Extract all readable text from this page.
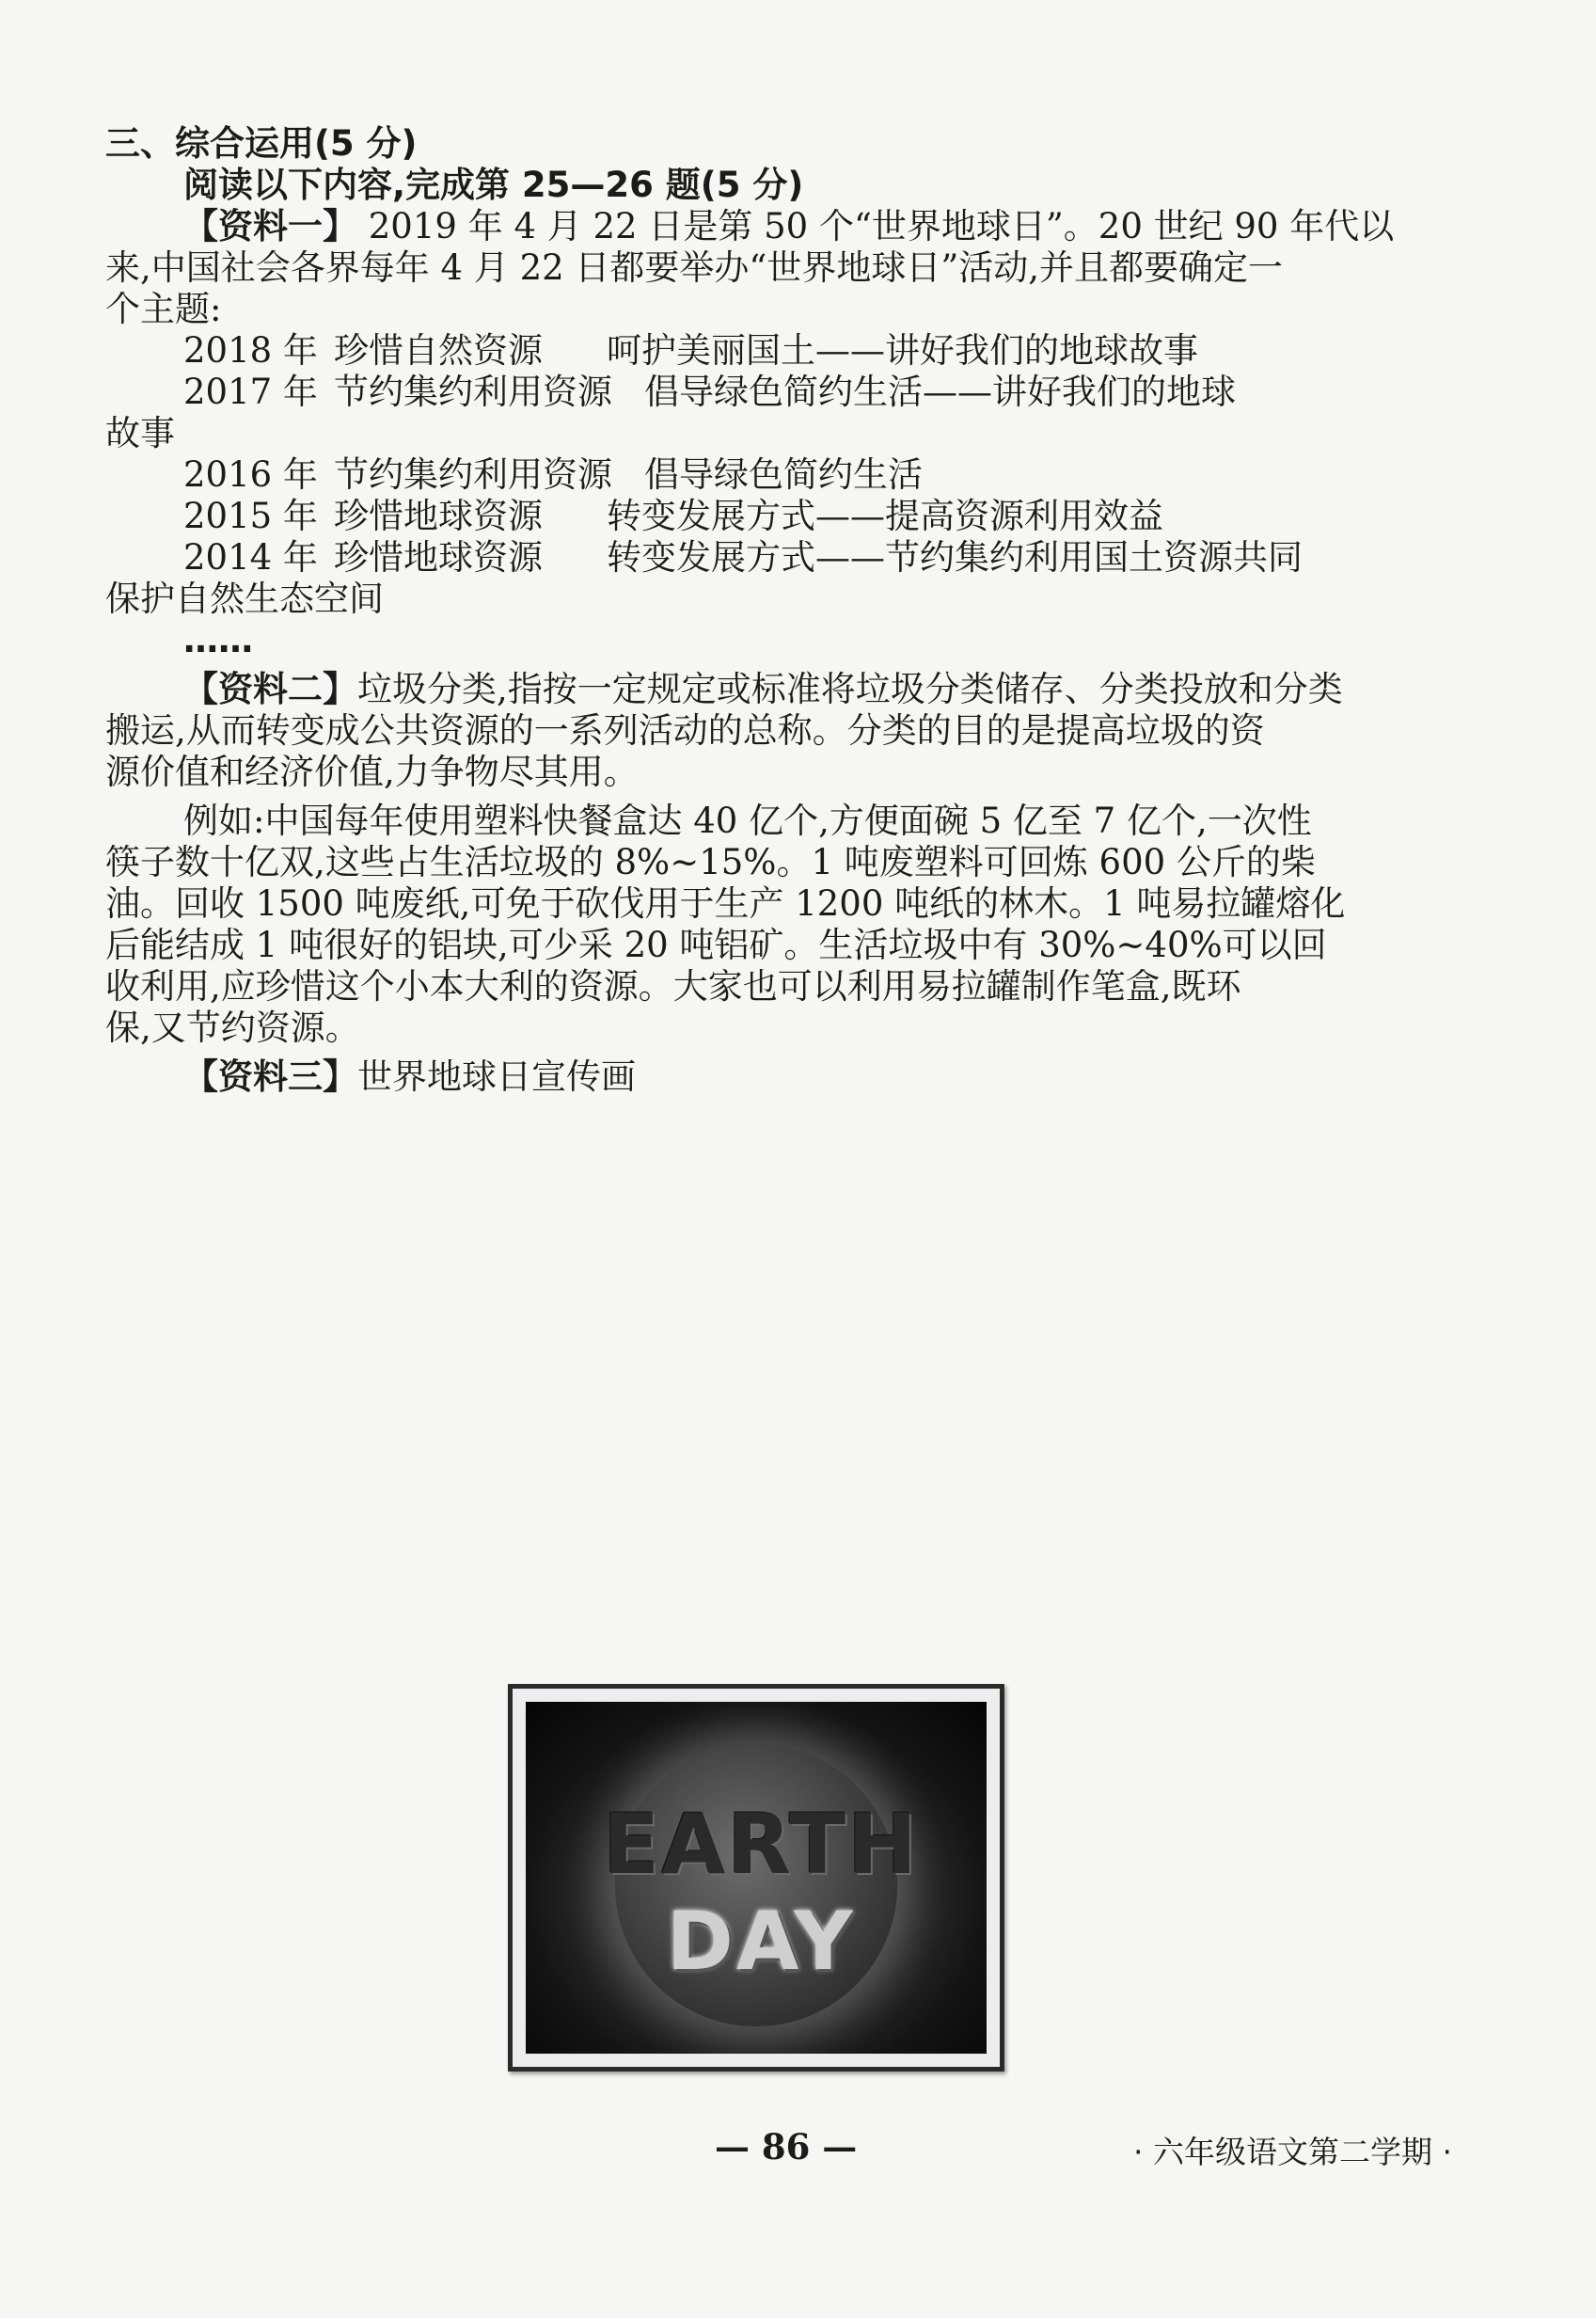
三、综合运用(5 分)
阅读以下内容,完成第 25—26 题(5 分)
【资料一】 2019 年 4 月 22 日是第 50 个“世界地球日”。20 世纪 90 年代以
来,中国社会各界每年 4 月 22 日都要举办“世界地球日”活动,并且都要确定一
个主题:
2018 年 珍惜自然资源 呵护美丽国土——讲好我们的地球故事
2017 年 节约集约利用资源 倡导绿色简约生活——讲好我们的地球
故事
2016 年 节约集约利用资源 倡导绿色简约生活
2015 年 珍惜地球资源 转变发展方式——提高资源利用效益
2014 年 珍惜地球资源 转变发展方式——节约集约利用国土资源共同
保护自然生态空间
……
【资料二】垃圾分类,指按一定规定或标准将垃圾分类储存、分类投放和分类
搬运,从而转变成公共资源的一系列活动的总称。分类的目的是提高垃圾的资
源价值和经济价值,力争物尽其用。
例如:中国每年使用塑料快餐盒达 40 亿个,方便面碗 5 亿至 7 亿个,一次性
筷子数十亿双,这些占生活垃圾的 8%~15%。1 吨废塑料可回炼 600 公斤的柴
油。回收 1500 吨废纸,可免于砍伐用于生产 1200 吨纸的林木。1 吨易拉罐熔化
后能结成 1 吨很好的铝块,可少采 20 吨铝矿。生活垃圾中有 30%~40%可以回
收利用,应珍惜这个小本大利的资源。大家也可以利用易拉罐制作笔盒,既环
保,又节约资源。
【资料三】世界地球日宣传画
EARTH
DAY
— 86 —	· 六年级语文第二学期 ·
